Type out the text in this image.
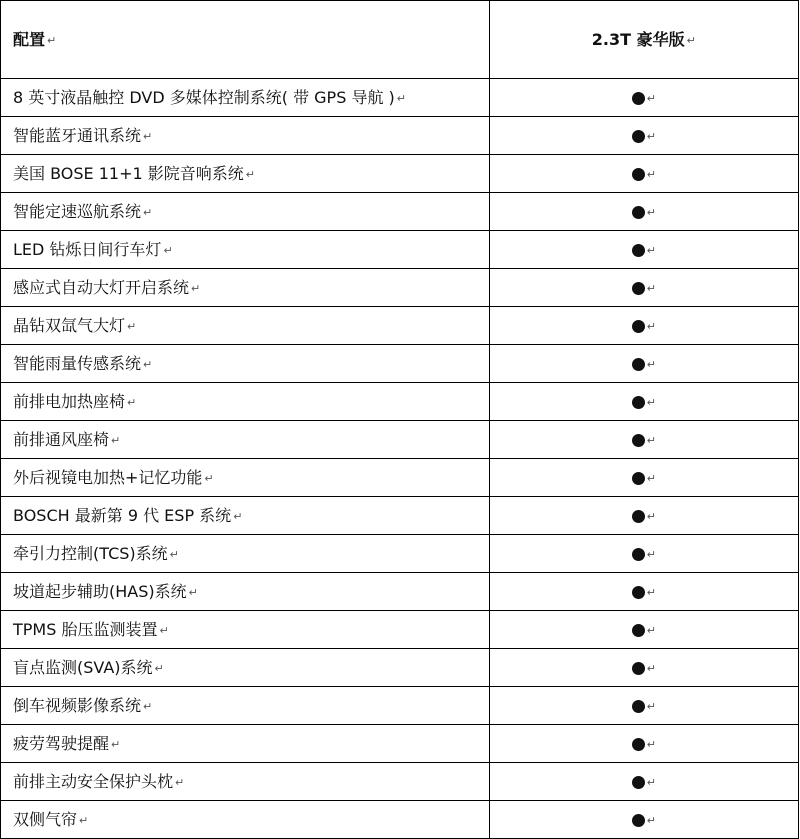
配置 ↵	2.3T 豪华版 ↵
8 英寸液晶触控 DVD 多媒体控制系统( 带 GPS 导航 ) ↵	↵
智能蓝牙通讯系统 ↵	↵
美国 BOSE 11+1 影院音响系统 ↵	↵
智能定速巡航系统 ↵	↵
LED 钻烁日间行车灯 ↵	↵
感应式自动大灯开启系统 ↵	↵
晶钻双氙气大灯 ↵	↵
智能雨量传感系统 ↵	↵
前排电加热座椅 ↵	↵
前排通风座椅 ↵	↵
外后视镜电加热+记忆功能 ↵	↵
BOSCH 最新第 9 代 ESP 系统 ↵	↵
牵引力控制(TCS)系统 ↵	↵
坡道起步辅助(HAS)系统 ↵	↵
TPMS 胎压监测装置 ↵	↵
盲点监测(SVA)系统 ↵	↵
倒车视频影像系统 ↵	↵
疲劳驾驶提醒 ↵	↵
前排主动安全保护头枕 ↵	↵
双侧气帘 ↵	↵
